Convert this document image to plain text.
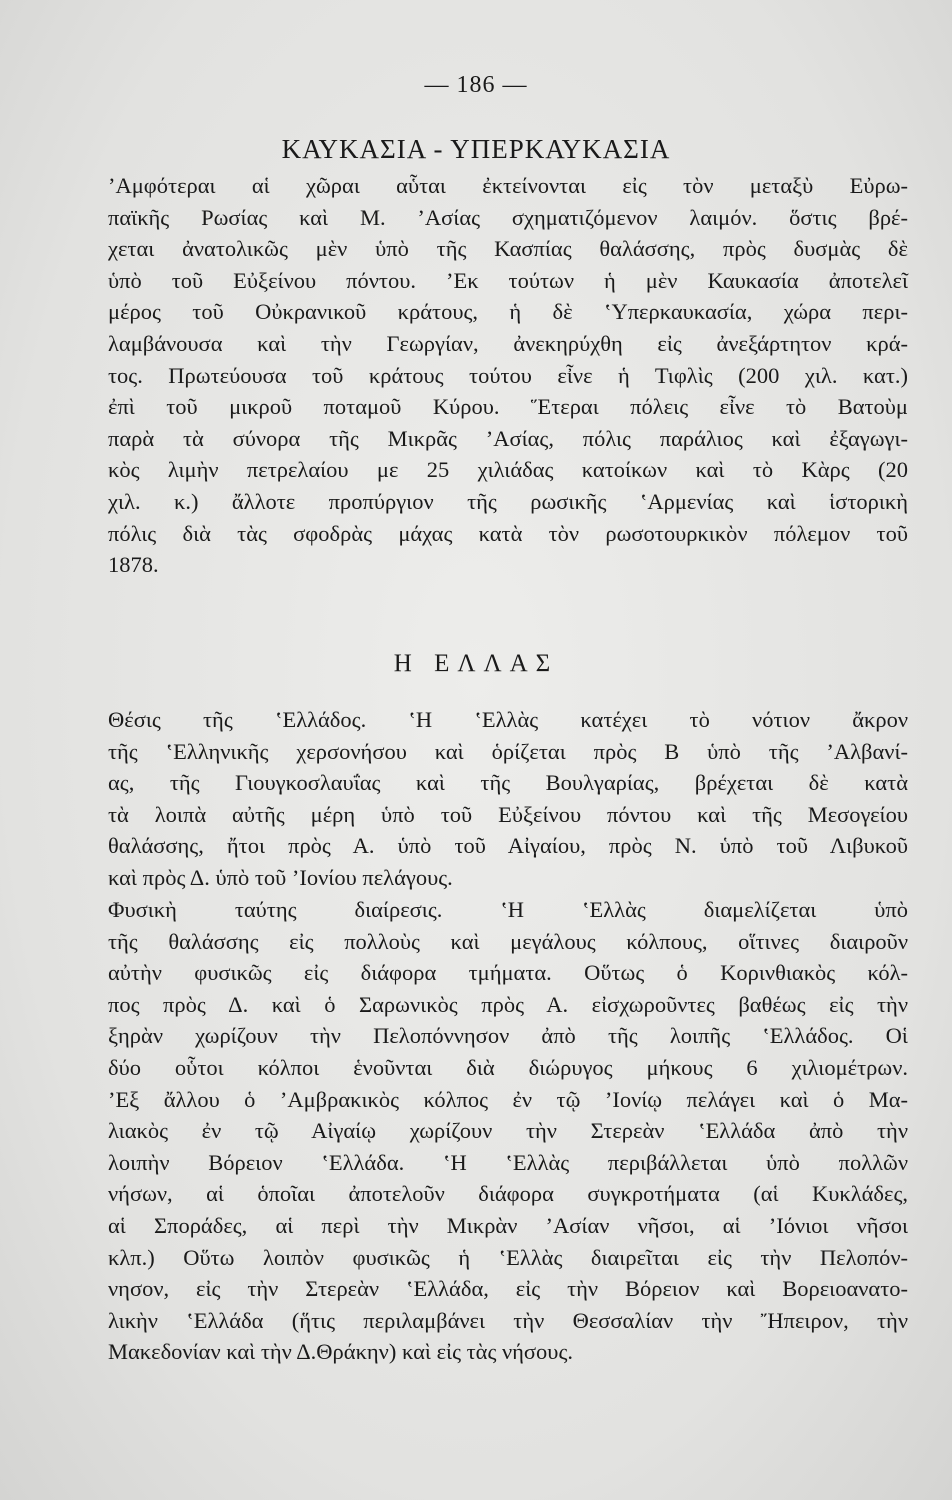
— 186 —
ΚΑΥΚΑΣΙΑ - ΥΠΕΡΚΑΥΚΑΣΙΑ
’Αμφότεραι αἱ χῶραι αὗται ἐκτείνονται εἰς τὸν μεταξὺ Εὐρω-
παϊκῆς Ρωσίας καὶ Μ. ’Ασίας σχηματιζόμενον λαιμόν. ὅστις βρέ-
χεται ἀνατολικῶς μὲν ὑπὸ τῆς Κασπίας θαλάσσης, πρὸς δυσμὰς δὲ
ὑπὸ τοῦ Εὐξείνου πόντου. ’Εκ τούτων ἡ μὲν Καυκασία ἀποτελεῖ
μέρος τοῦ Οὐκρανικοῦ κράτους, ἡ δὲ ‛Υπερκαυκασία, χώρα περι-
λαμβάνουσα καὶ τὴν Γεωργίαν, ἀνεκηρύχθη εἰς ἀνεξάρτητον κρά-
τος. Πρωτεύουσα τοῦ κράτους τούτου εἶνε ἡ Τιφλὶς (200 χιλ. κατ.)
ἐπὶ τοῦ μικροῦ ποταμοῦ Κύρου. Ἕτεραι πόλεις εἶνε τὸ Βατοὺμ
παρὰ τὰ σύνορα τῆς Μικρᾶς ’Ασίας, πόλις παράλιος καὶ ἐξαγωγι-
κὸς λιμὴν πετρελαίου με 25 χιλιάδας κατοίκων καὶ τὸ Κὰρς (20
χιλ. κ.) ἄλλοτε προπύργιον τῆς ρωσικῆς ‛Αρμενίας καὶ ἱστορικὴ
πόλις διὰ τὰς σφοδρὰς μάχας κατὰ τὸν ρωσοτουρκικὸν πόλεμον τοῦ
1878.
Η ΕΛΛΑΣ
Θέσις τῆς ‛Ελλάδος. ‛Η ‛Ελλὰς κατέχει τὸ νότιον ἄκρον
τῆς ‛Ελληνικῆς χερσονήσου καὶ ὁρίζεται πρὸς Β ὑπὸ τῆς ’Αλβανί-
ας, τῆς Γιουγκοσλαυΐας καὶ τῆς Βουλγαρίας, βρέχεται δὲ κατὰ
τὰ λοιπὰ αὐτῆς μέρη ὑπὸ τοῦ Εὐξείνου πόντου καὶ τῆς Μεσογείου
θαλάσσης, ἤτοι πρὸς Α. ὑπὸ τοῦ Αἰγαίου, πρὸς Ν. ὑπὸ τοῦ Λιβυκοῦ
καὶ πρὸς Δ. ὑπὸ τοῦ ’Ιονίου πελάγους.
Φυσικὴ ταύτης διαίρεσις. ‛Η ‛Ελλὰς διαμελίζεται ὑπὸ
τῆς θαλάσσης εἰς πολλοὺς καὶ μεγάλους κόλπους, οἵτινες διαιροῦν
αὐτὴν φυσικῶς εἰς διάφορα τμήματα. Οὕτως ὁ Κορινθιακὸς κόλ-
πος πρὸς Δ. καὶ ὁ Σαρωνικὸς πρὸς Α. εἰσχωροῦντες βαθέως εἰς τὴν
ξηρὰν χωρίζουν τὴν Πελοπόννησον ἀπὸ τῆς λοιπῆς ‛Ελλάδος. Οἱ
δύο οὗτοι κόλποι ἑνοῦνται διὰ διώρυγος μήκους 6 χιλιομέτρων.
’Εξ ἄλλου ὁ ’Αμβρακικὸς κόλπος ἐν τῷ ’Ιονίῳ πελάγει καὶ ὁ Μα-
λιακὸς ἐν τῷ Αἰγαίῳ χωρίζουν τὴν Στερεὰν ‛Ελλάδα ἀπὸ τὴν
λοιπὴν Βόρειον ‛Ελλάδα. ‛Η ‛Ελλὰς περιβάλλεται ὑπὸ πολλῶν
νήσων, αἱ ὁποῖαι ἀποτελοῦν διάφορα συγκροτήματα (αἱ Κυκλάδες,
αἱ Σποράδες, αἱ περὶ τὴν Μικρὰν ’Ασίαν νῆσοι, αἱ ’Ιόνιοι νῆσοι
κλπ.) Οὕτω λοιπὸν φυσικῶς ἡ ‛Ελλὰς διαιρεῖται εἰς τὴν Πελοπόν-
νησον, εἰς τὴν Στερεὰν ‛Ελλάδα, εἰς τὴν Βόρειον καὶ Βορειοανατο-
λικὴν ‛Ελλάδα (ἥτις περιλαμβάνει τὴν Θεσσαλίαν τὴν Ἤπειρον, τὴν
Μακεδονίαν καὶ τὴν Δ.Θράκην) καὶ εἰς τὰς νήσους.
